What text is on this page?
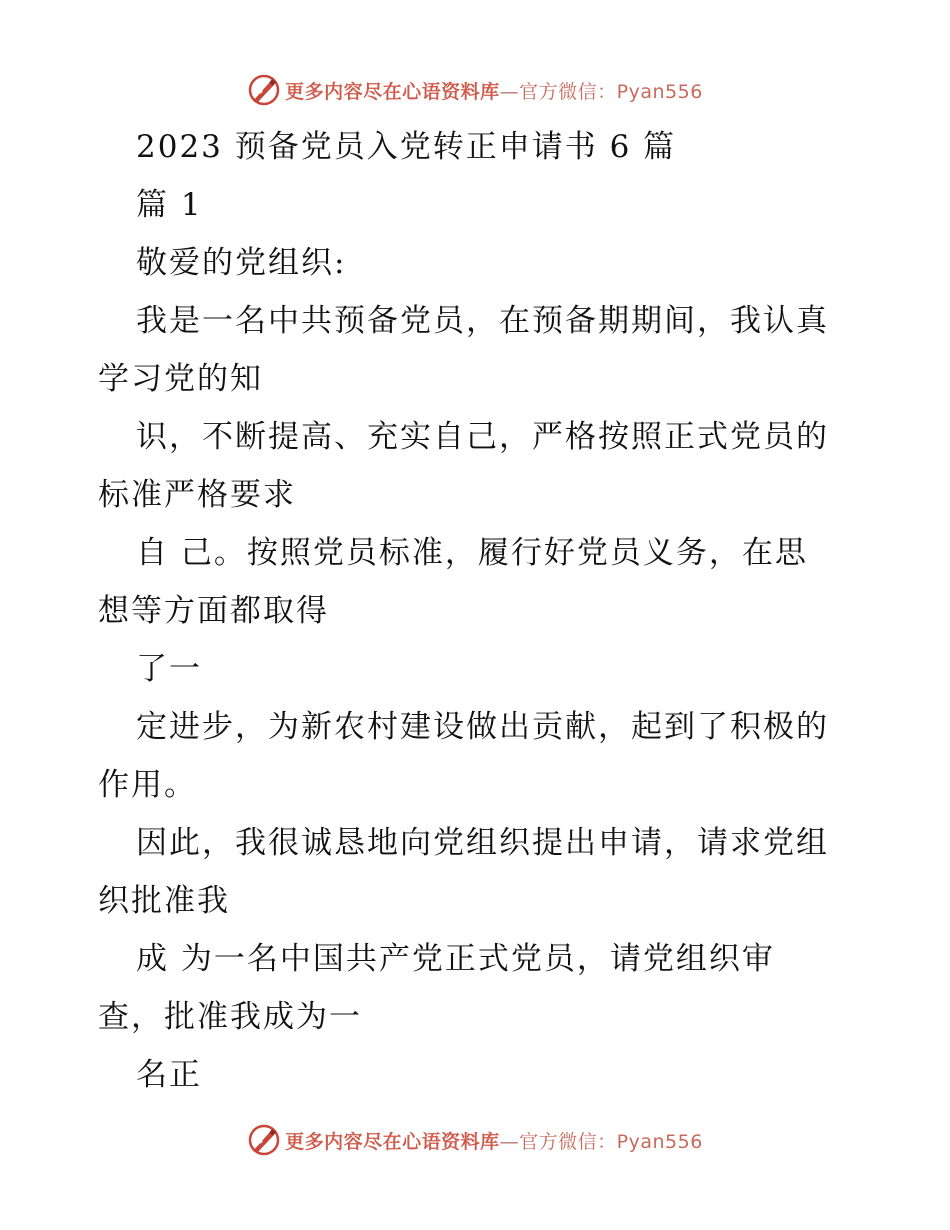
更多内容尽在心语资料库—官方微信：Pyan556

2023 预备党员入党转正申请书 6 篇

篇 1

敬爱的党组织:

我是一名中共预备党员，在预备期期间，我认真

学习党的知

识，不断提高、充实自己，严格按照正式党员的

标准严格要求

自 己。按照党员标准，履行好党员义务，在思

想等方面都取得

了一

定进步，为新农村建设做出贡献，起到了积极的

作用。

因此，我很诚恳地向党组织提出申请，请求党组

织批准我

成 为一名中国共产党正式党员，请党组织审

查，批准我成为一

名正

更多内容尽在心语资料库—官方微信：Pyan556
